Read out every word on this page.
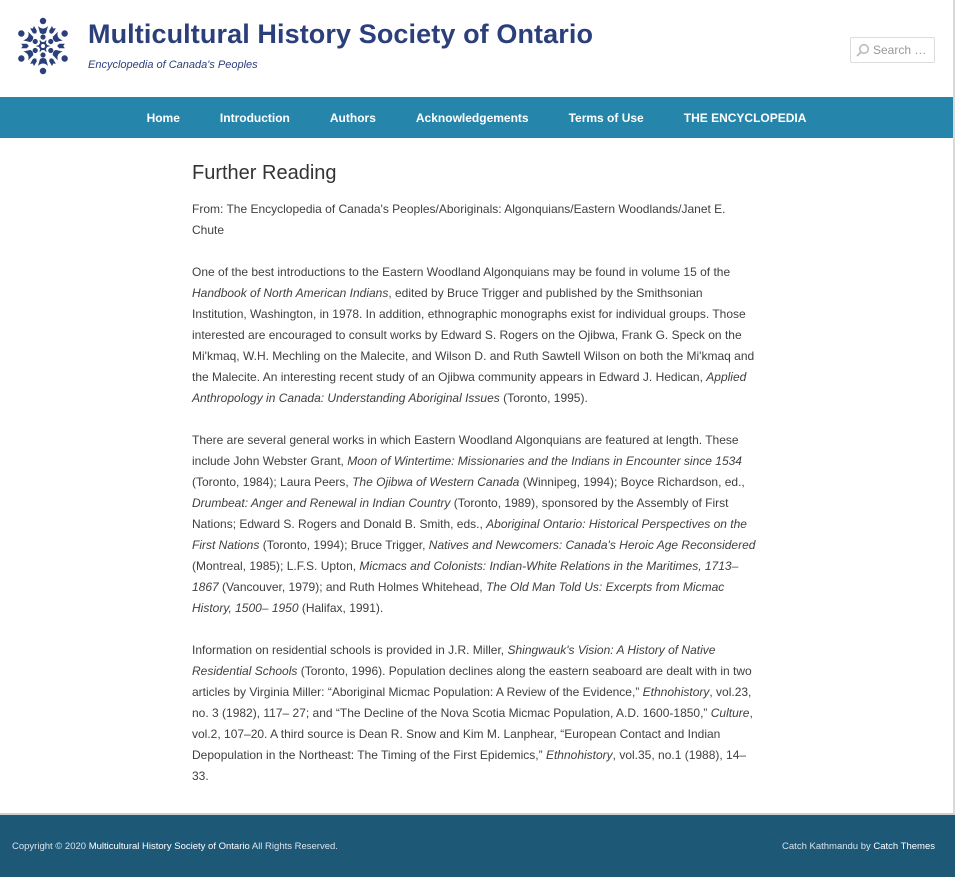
Multicultural History Society of Ontario
Encyclopedia of Canada's Peoples
Search …
Home	Introduction	Authors	Acknowledgements	Terms of Use	THE ENCYCLOPEDIA
Further Reading

From: The Encyclopedia of Canada's Peoples/Aboriginals: Algonquians/Eastern Woodlands/Janet E. Chute

One of the best introductions to the Eastern Woodland Algonquians may be found in volume 15 of the Handbook of North American Indians, edited by Bruce Trigger and published by the Smithsonian Institution, Washington, in 1978. In addition, ethnographic monographs exist for individual groups. Those interested are encouraged to consult works by Edward S. Rogers on the Ojibwa, Frank G. Speck on the Mi'kmaq, W.H. Mechling on the Malecite, and Wilson D. and Ruth Sawtell Wilson on both the Mi'kmaq and the Malecite. An interesting recent study of an Ojibwa community appears in Edward J. Hedican, Applied Anthropology in Canada: Understanding Aboriginal Issues (Toronto, 1995).

There are several general works in which Eastern Woodland Algonquians are featured at length. These include John Webster Grant, Moon of Wintertime: Missionaries and the Indians in Encounter since 1534 (Toronto, 1984); Laura Peers, The Ojibwa of Western Canada (Winnipeg, 1994); Boyce Richardson, ed., Drumbeat: Anger and Renewal in Indian Country (Toronto, 1989), sponsored by the Assembly of First Nations; Edward S. Rogers and Donald B. Smith, eds., Aboriginal Ontario: Historical Perspectives on the First Nations (Toronto, 1994); Bruce Trigger, Natives and Newcomers: Canada's Heroic Age Reconsidered (Montreal, 1985); L.F.S. Upton, Micmacs and Colonists: Indian-White Relations in the Maritimes, 1713–1867 (Vancouver, 1979); and Ruth Holmes Whitehead, The Old Man Told Us: Excerpts from Micmac History, 1500– 1950 (Halifax, 1991).

Information on residential schools is provided in J.R. Miller, Shingwauk's Vision: A History of Native Residential Schools (Toronto, 1996). Population declines along the eastern seaboard are dealt with in two articles by Virginia Miller: “Aboriginal Micmac Population: A Review of the Evidence,” Ethnohistory, vol.23, no. 3 (1982), 117– 27; and “The Decline of the Nova Scotia Micmac Population, A.D. 1600-1850,” Culture, vol.2, 107–20. A third source is Dean R. Snow and Kim M. Lanphear, “European Contact and Indian Depopulation in the Northeast: The Timing of the First Epidemics,” Ethnohistory, vol.35, no.1 (1988), 14–33.

Copyright © 2020 Multicultural History Society of Ontario All Rights Reserved.	Catch Kathmandu by Catch Themes
